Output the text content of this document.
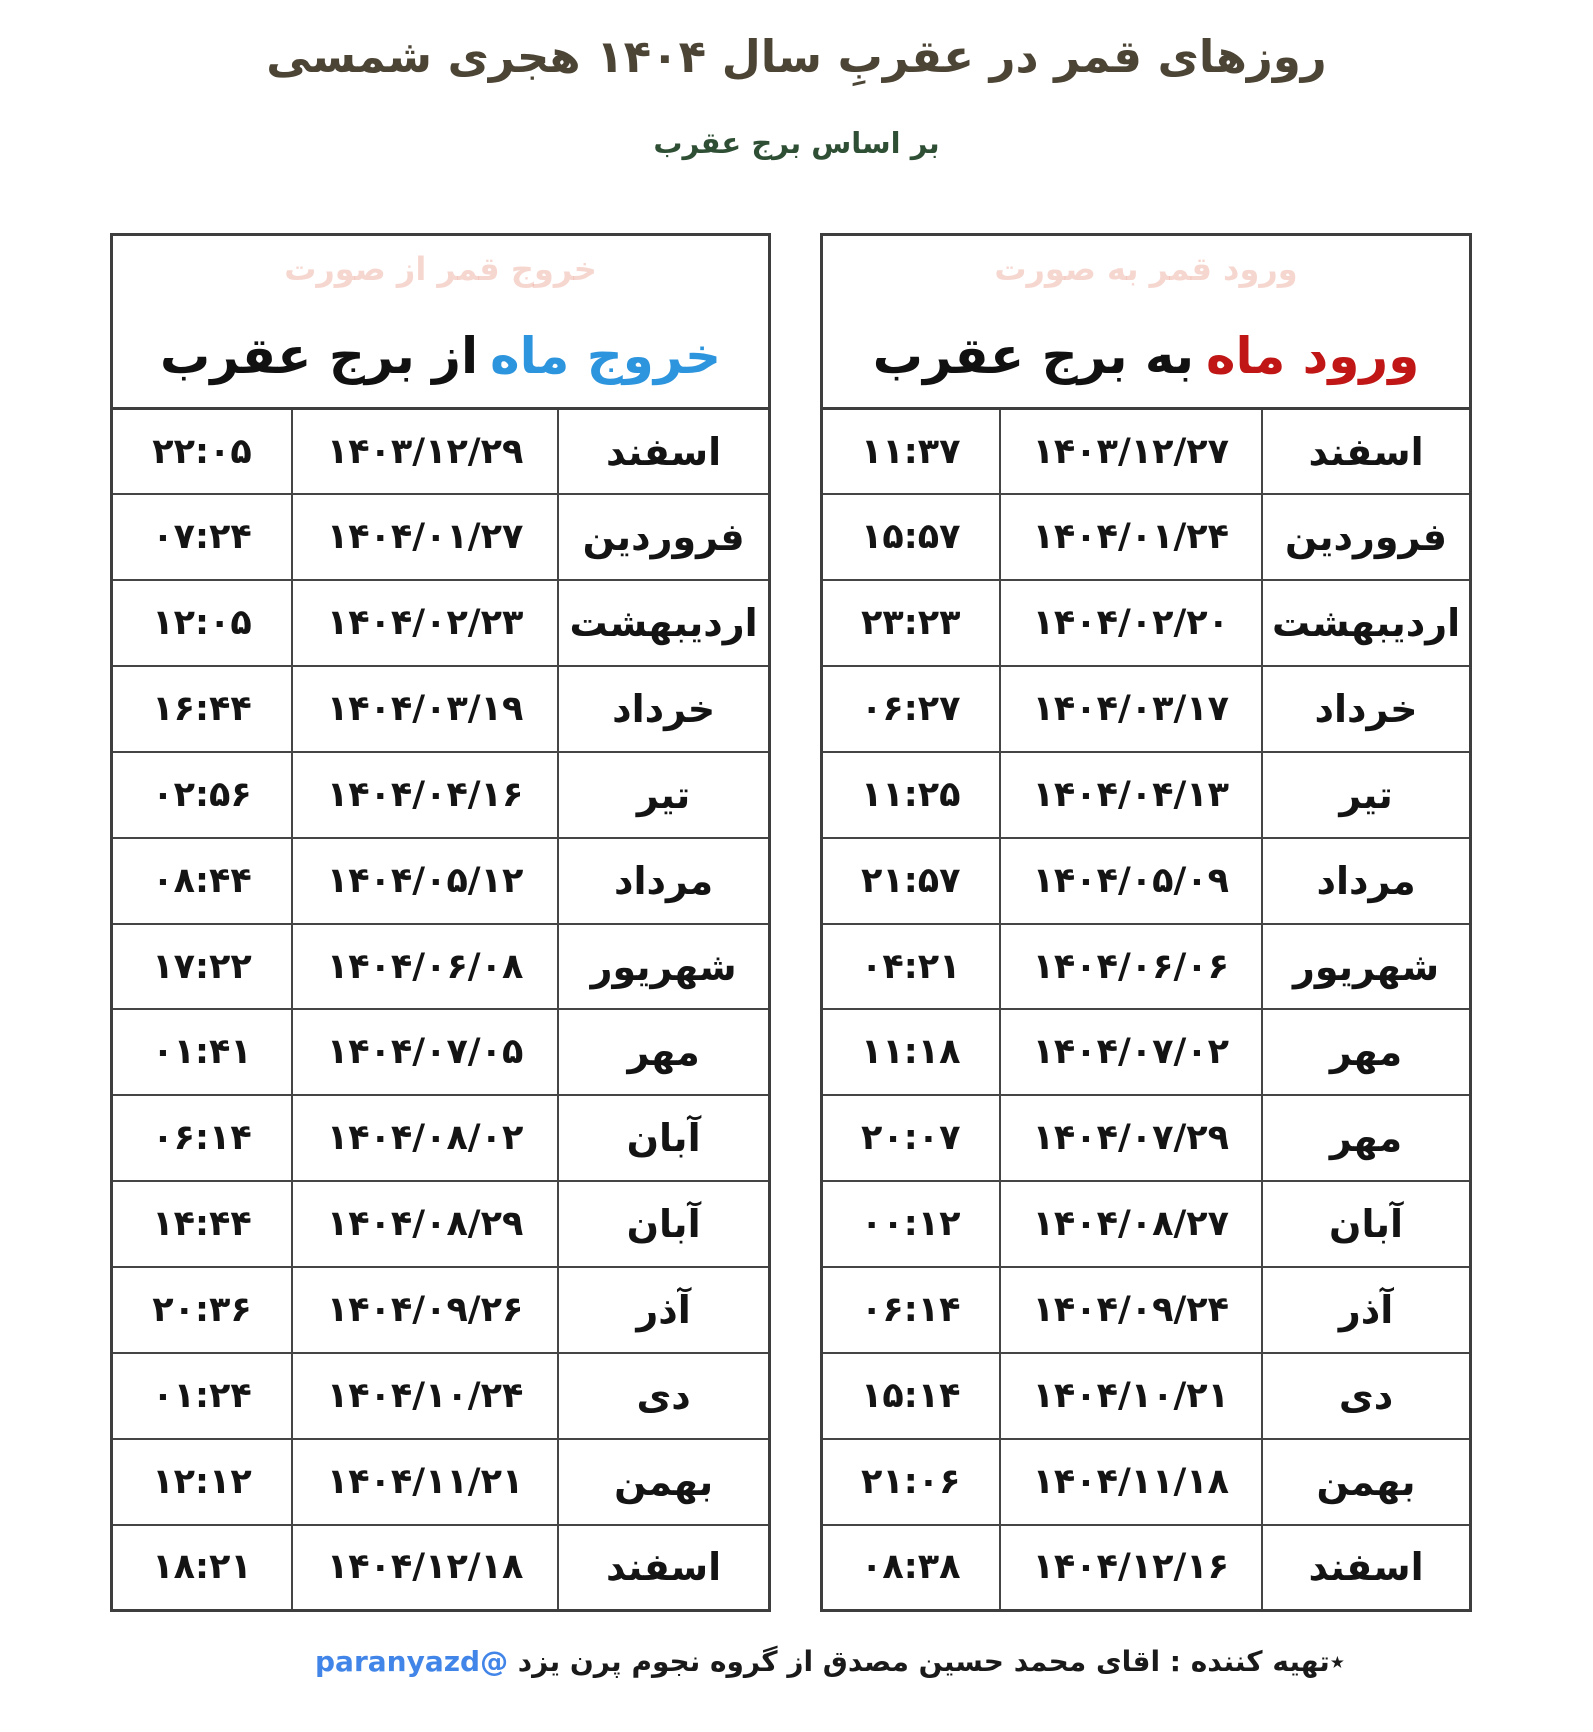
روزهای قمر در عقربِ سال ۱۴۰۴ هجری شمسی
بر اساس برج عقرب
ورود قمر به صورت
ورود ماه
به برج عقرب
اسفند	۱۴۰۳/۱۲/۲۷	۱۱:۳۷
فروردین	۱۴۰۴/۰۱/۲۴	۱۵:۵۷
اردیبهشت	۱۴۰۴/۰۲/۲۰	۲۳:۲۳
خرداد	۱۴۰۴/۰۳/۱۷	۰۶:۲۷
تیر	۱۴۰۴/۰۴/۱۳	۱۱:۲۵
مرداد	۱۴۰۴/۰۵/۰۹	۲۱:۵۷
شهریور	۱۴۰۴/۰۶/۰۶	۰۴:۲۱
مهر	۱۴۰۴/۰۷/۰۲	۱۱:۱۸
مهر	۱۴۰۴/۰۷/۲۹	۲۰:۰۷
آبان	۱۴۰۴/۰۸/۲۷	۰۰:۱۲
آذر	۱۴۰۴/۰۹/۲۴	۰۶:۱۴
دی	۱۴۰۴/۱۰/۲۱	۱۵:۱۴
بهمن	۱۴۰۴/۱۱/۱۸	۲۱:۰۶
اسفند	۱۴۰۴/۱۲/۱۶	۰۸:۳۸
خروج قمر از صورت
خروج ماه
از برج عقرب
اسفند	۱۴۰۳/۱۲/۲۹	۲۲:۰۵
فروردین	۱۴۰۴/۰۱/۲۷	۰۷:۲۴
اردیبهشت	۱۴۰۴/۰۲/۲۳	۱۲:۰۵
خرداد	۱۴۰۴/۰۳/۱۹	۱۶:۴۴
تیر	۱۴۰۴/۰۴/۱۶	۰۲:۵۶
مرداد	۱۴۰۴/۰۵/۱۲	۰۸:۴۴
شهریور	۱۴۰۴/۰۶/۰۸	۱۷:۲۲
مهر	۱۴۰۴/۰۷/۰۵	۰۱:۴۱
آبان	۱۴۰۴/۰۸/۰۲	۰۶:۱۴
آبان	۱۴۰۴/۰۸/۲۹	۱۴:۴۴
آذر	۱۴۰۴/۰۹/۲۶	۲۰:۳۶
دی	۱۴۰۴/۱۰/۲۴	۰۱:۲۴
بهمن	۱۴۰۴/۱۱/۲۱	۱۲:۱۲
اسفند	۱۴۰۴/۱۲/۱۸	۱۸:۲۱
٭تهیه کننده : اقای محمد حسین مصدق از گروه نجوم پرن یزد @paranyazd
